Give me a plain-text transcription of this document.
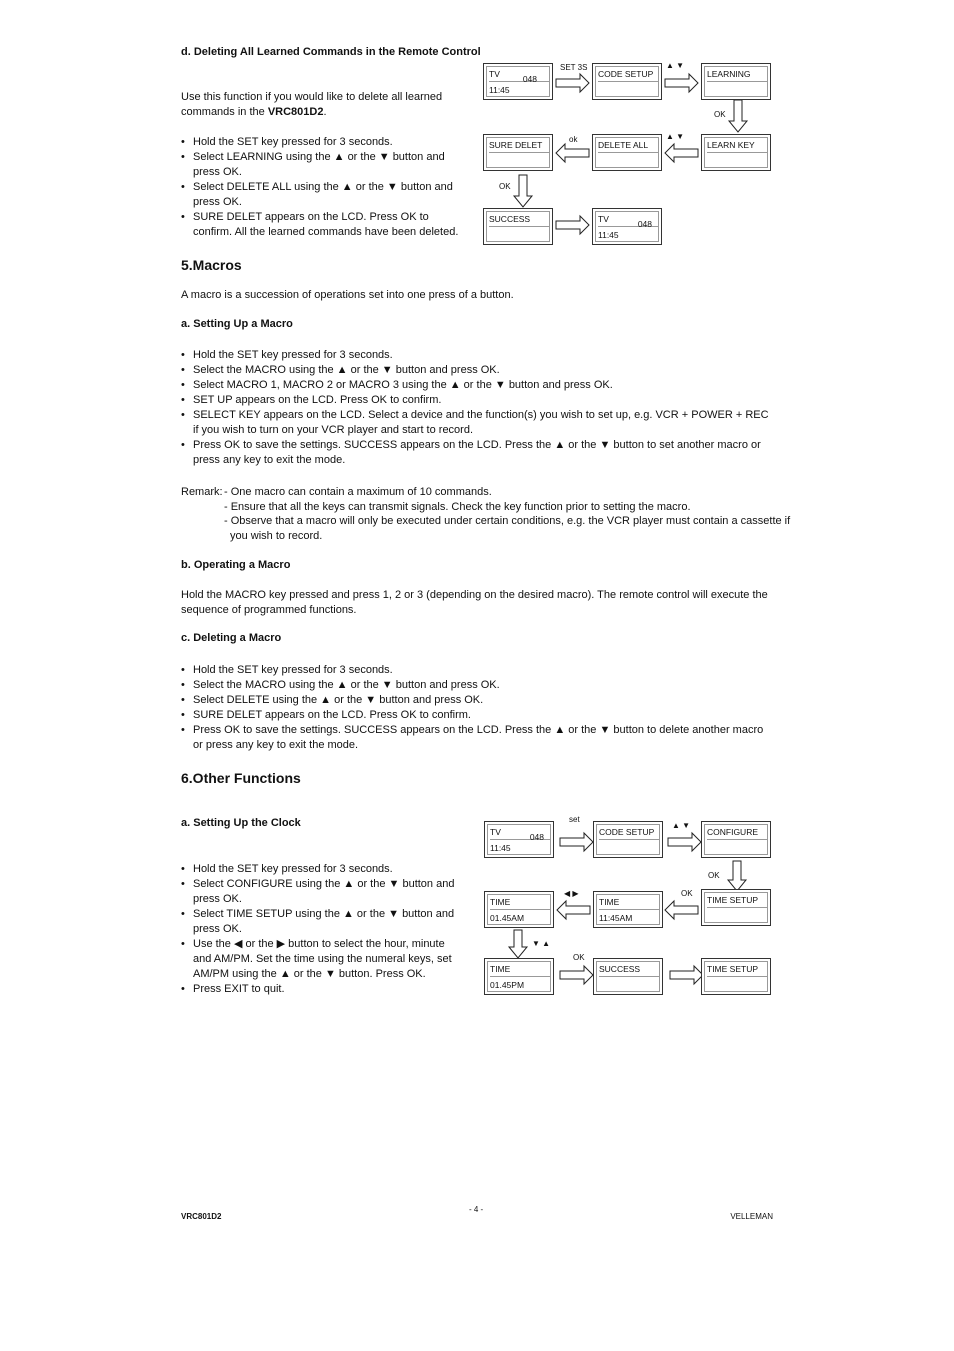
d. Deleting All Learned Commands in the Remote Control
Use this function if you would like to delete all learned commands in the VRC801D2.
• Hold the SET key pressed for 3 seconds.
• Select LEARNING using the ▲ or the ▼ button and press OK.
• Select DELETE ALL using the ▲ or the ▼ button and press OK.
• SURE DELET appears on the LCD. Press OK to confirm. All the learned commands have been deleted.
TV	048
11:45
CODE SETUP	LEARNING
LEARN KEY
DELETE ALL
SURE DELET
SUCCESS	TV	048
11:45
SET 3S	▲ ▼
OK
▲ ▼
ok
OK
5.Macros
A macro is a succession of operations set into one press of a button.
a. Setting Up a Macro
• Hold the SET key pressed for 3 seconds.
• Select the MACRO using the ▲ or the ▼ button and press OK.
• Select MACRO 1, MACRO 2 or MACRO 3 using the ▲ or the ▼ button and press OK.
• SET UP appears on the LCD. Press OK to confirm.
• SELECT KEY appears on the LCD. Select a device and the function(s) you wish to set up, e.g. VCR + POWER + REC if you wish to turn on your VCR player and start to record.
• Press OK to save the settings. SUCCESS appears on the LCD. Press the ▲ or the ▼ button to set another macro or press any key to exit the mode.
Remark: - One macro can contain a maximum of 10 commands.
- Ensure that all the keys can transmit signals. Check the key function prior to setting the macro.
- Observe that a macro will only be executed under certain conditions, e.g. the VCR player must contain a cassette if
you wish to record.
b. Operating a Macro
Hold the MACRO key pressed and press 1, 2 or 3 (depending on the desired macro). The remote control will execute the sequence of programmed functions.
c. Deleting a Macro
• Hold the SET key pressed for 3 seconds.
• Select the MACRO using the ▲ or the ▼ button and press OK.
• Select DELETE using the ▲ or the ▼ button and press OK.
• SURE DELET appears on the LCD. Press OK to confirm.
• Press OK to save the settings. SUCCESS appears on the LCD. Press the ▲ or the ▼ button to delete another macro or press any key to exit the mode.
6.Other Functions
a. Setting Up the Clock
• Hold the SET key pressed for 3 seconds.
• Select CONFIGURE using the ▲ or the ▼ button and press OK.
• Select TIME SETUP using the ▲ or the ▼ button and press OK.
• Use the ◀ or the ▶ button to select the hour, minute and AM/PM. Set the time using the numeral keys, set AM/PM using the ▲ or the ▼ button. Press OK.
• Press EXIT to quit.
TV	048
11:45
CODE SETUP	CONFIGURE
TIME SETUP
TIME
11:45AM
TIME
01.45AM
TIME
01.45PM
SUCCESS	TIME SETUP
set
▲ ▼
OK
OK
◀ ▶
▼ ▲
OK
VRC801D2
- 4 -
VELLEMAN
